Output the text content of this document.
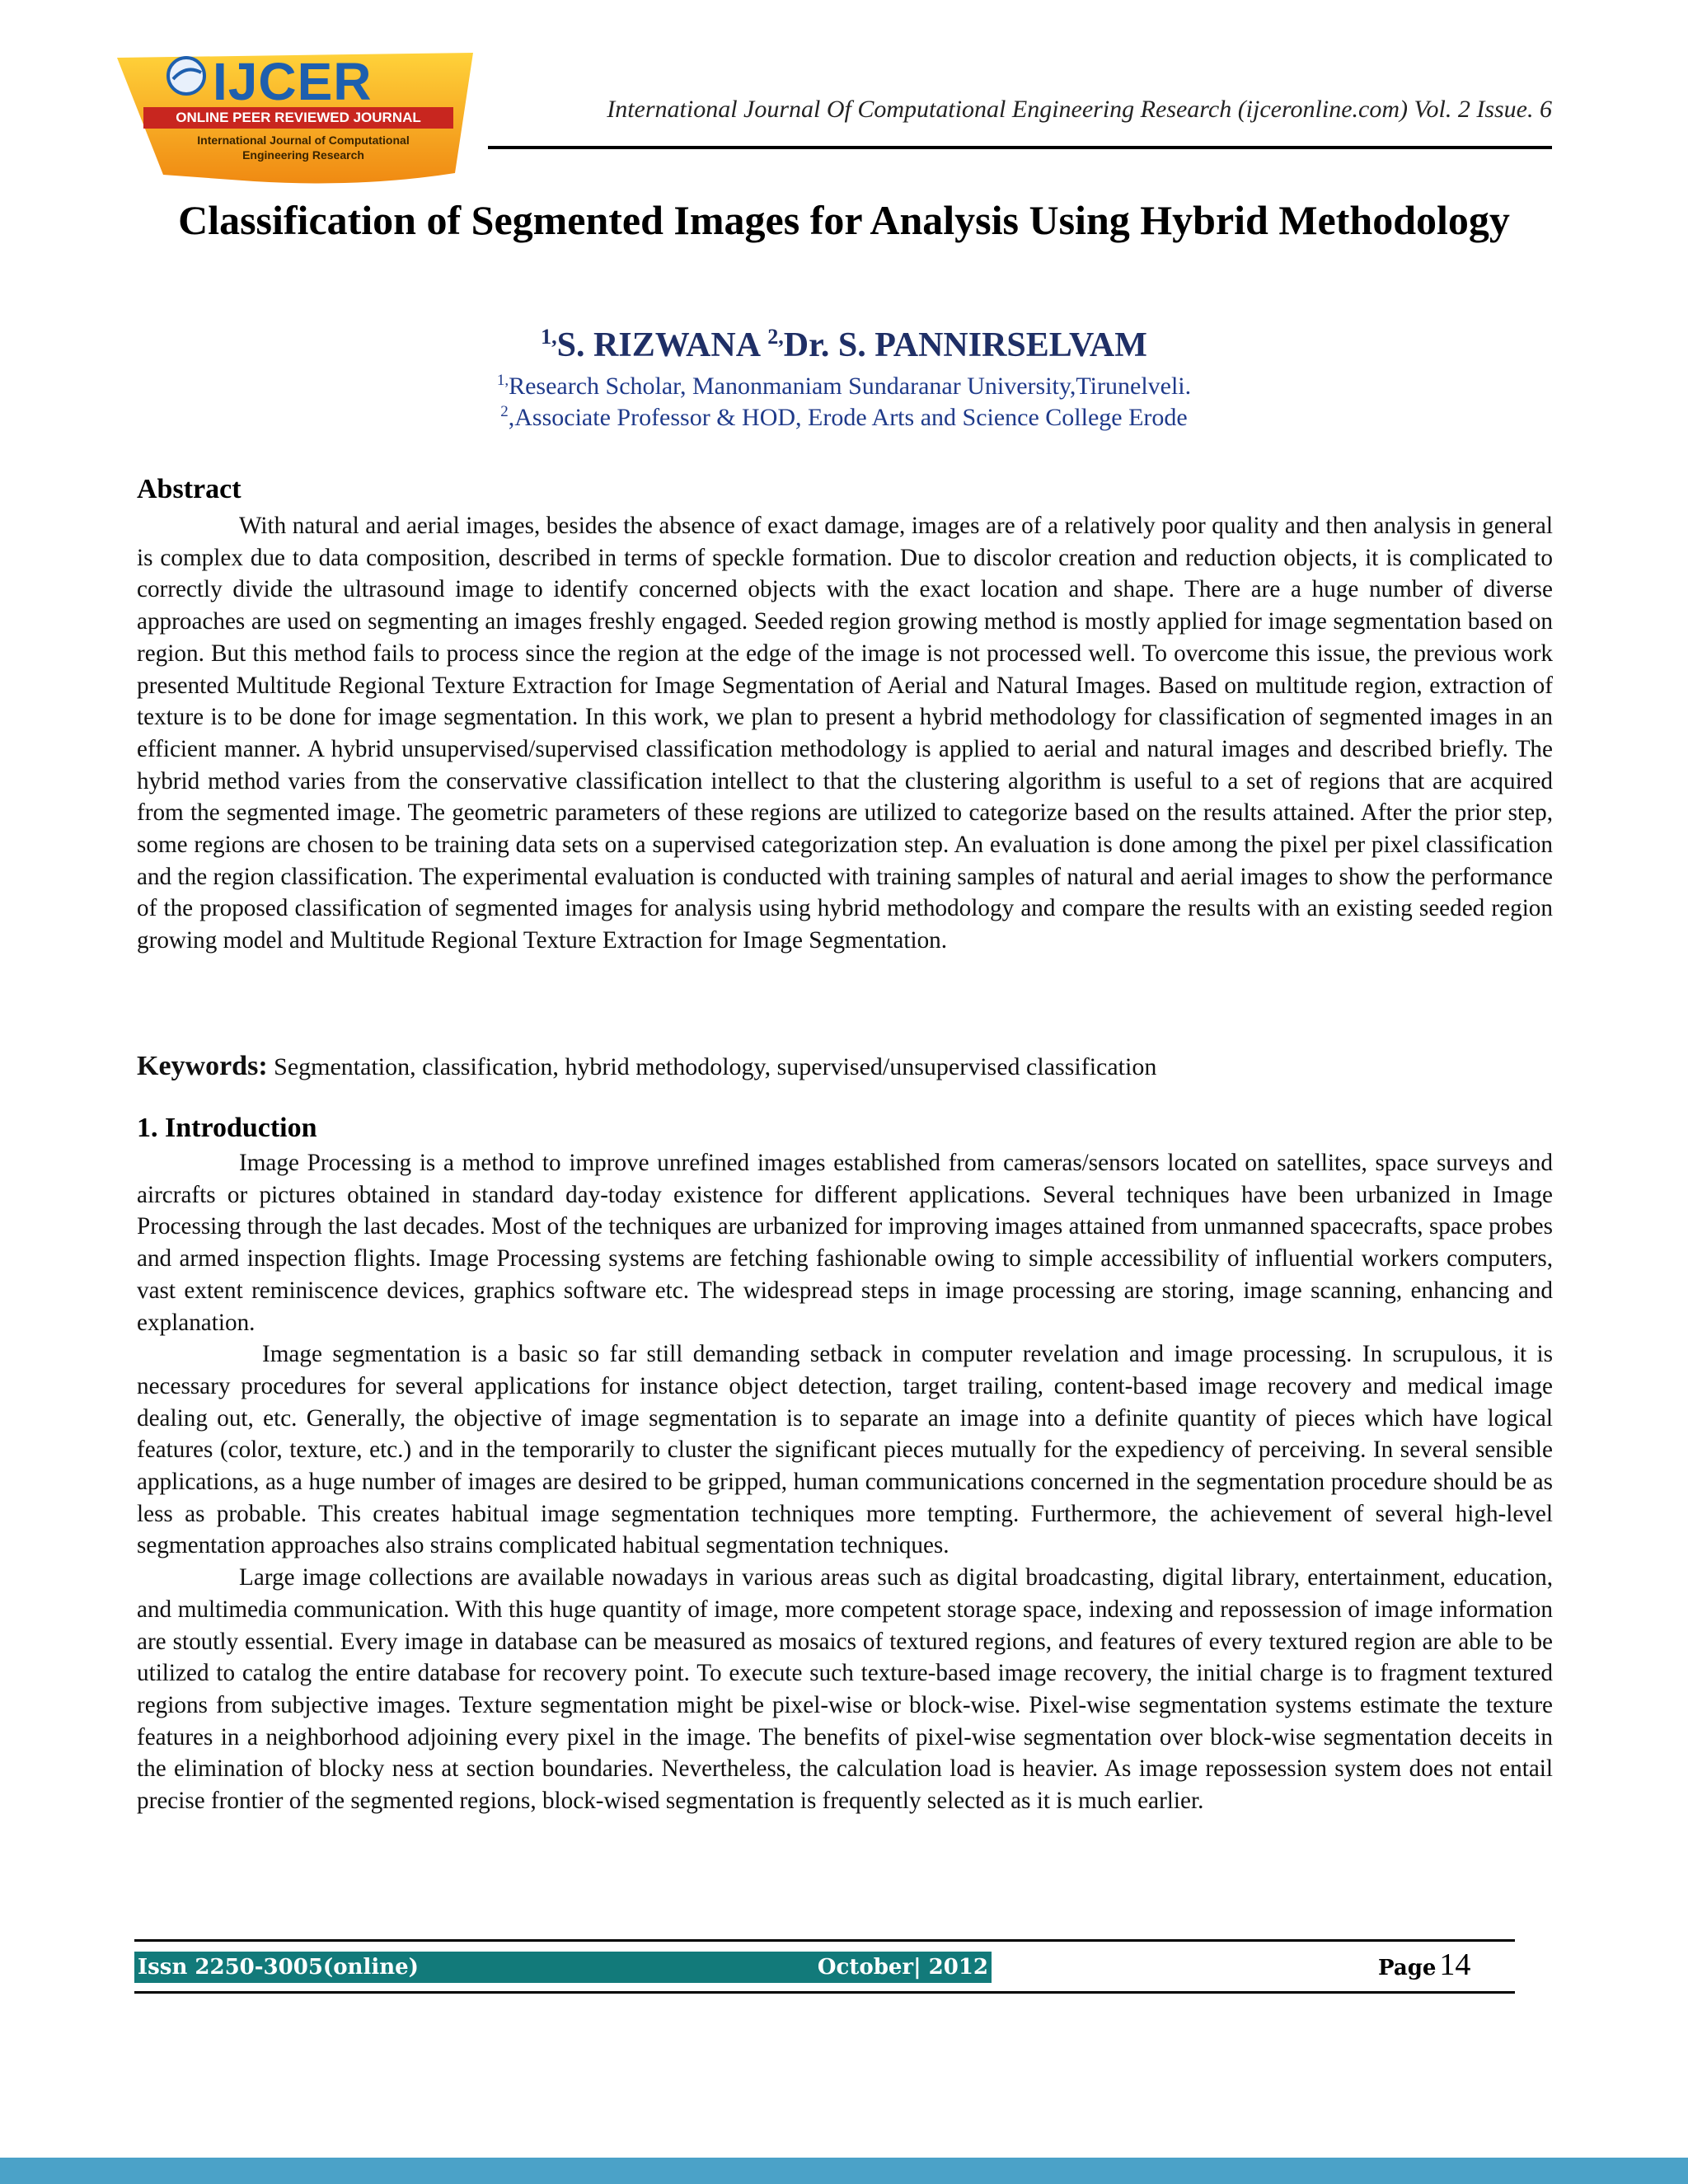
IJCER
ONLINE PEER REVIEWED JOURNAL
International Journal of Computational Engineering Research
International Journal Of Computational Engineering Research (ijceronline.com) Vol. 2 Issue. 6
Classification of Segmented Images for Analysis Using Hybrid Methodology
$^{1,}$S. RIZWANA $^{2,}$Dr. S. PANNIRSELVAM
$^{1,}$Research Scholar, Manonmaniam Sundaranar University,Tirunelveli.
$^2$,Associate Professor & HOD, Erode Arts and Science College Erode
Abstract

With natural and aerial images, besides the absence of exact damage, images are of a relatively poor quality and then analysis in general is complex due to data composition, described in terms of speckle formation. Due to discolor creation and reduction objects, it is complicated to correctly divide the ultrasound image to identify concerned objects with the exact location and shape. There are a huge number of diverse approaches are used on segmenting an images freshly engaged. Seeded region growing method is mostly applied for image segmentation based on region. But this method fails to process since the region at the edge of the image is not processed well. To overcome this issue, the previous work presented Multitude Regional Texture Extraction for Image Segmentation of Aerial and Natural Images. Based on multitude region, extraction of texture is to be done for image segmentation. In this work, we plan to present a hybrid methodology for classification of segmented images in an efficient manner. A hybrid unsupervised/supervised classification methodology is applied to aerial and natural images and described briefly. The hybrid method varies from the conservative classification intellect to that the clustering algorithm is useful to a set of regions that are acquired from the segmented image. The geometric parameters of these regions are utilized to categorize based on the results attained. After the prior step, some regions are chosen to be training data sets on a supervised categorization step. An evaluation is done among the pixel per pixel classification and the region classification. The experimental evaluation is conducted with training samples of natural and aerial images to show the performance of the proposed classification of segmented images for analysis using hybrid methodology and compare the results with an existing seeded region growing model and Multitude Regional Texture Extraction for Image Segmentation.

Keywords: Segmentation, classification, hybrid methodology, supervised/unsupervised classification
1. Introduction

Image Processing is a method to improve unrefined images established from cameras/sensors located on satellites, space surveys and aircrafts or pictures obtained in standard day-today existence for different applications. Several techniques have been urbanized in Image Processing through the last decades. Most of the techniques are urbanized for improving images attained from unmanned spacecrafts, space probes and armed inspection flights. Image Processing systems are fetching fashionable owing to simple accessibility of influential workers computers, vast extent reminiscence devices, graphics software etc. The widespread steps in image processing are storing, image scanning, enhancing and explanation.

Image segmentation is a basic so far still demanding setback in computer revelation and image processing. In scrupulous, it is necessary procedures for several applications for instance object detection, target trailing, content-based image recovery and medical image dealing out, etc. Generally, the objective of image segmentation is to separate an image into a definite quantity of pieces which have logical features (color, texture, etc.) and in the temporarily to cluster the significant pieces mutually for the expediency of perceiving. In several sensible applications, as a huge number of images are desired to be gripped, human communications concerned in the segmentation procedure should be as less as probable. This creates habitual image segmentation techniques more tempting. Furthermore, the achievement of several high-level segmentation approaches also strains complicated habitual segmentation techniques.

Large image collections are available nowadays in various areas such as digital broadcasting, digital library, entertainment, education, and multimedia communication. With this huge quantity of image, more competent storage space, indexing and repossession of image information are stoutly essential. Every image in database can be measured as mosaics of textured regions, and features of every textured region are able to be utilized to catalog the entire database for recovery point. To execute such texture-based image recovery, the initial charge is to fragment textured regions from subjective images. Texture segmentation might be pixel-wise or block-wise. Pixel-wise segmentation systems estimate the texture features in a neighborhood adjoining every pixel in the image. The benefits of pixel-wise segmentation over block-wise segmentation deceits in the elimination of blocky ness at section boundaries. Nevertheless, the calculation load is heavier. As image repossession system does not entail precise frontier of the segmented regions, block-wised segmentation is frequently selected as it is much earlier.

Issn 2250-3005(online)	October| 2012	Page 14
